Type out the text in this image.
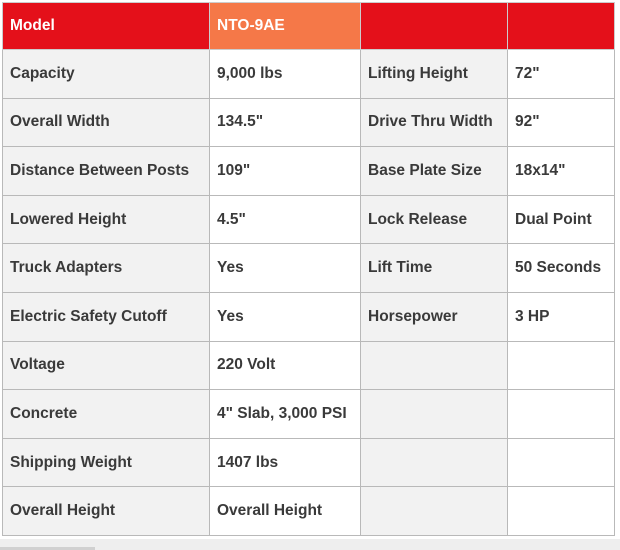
Model	NTO-9AE		
Capacity	9,000 lbs	Lifting Height	72"
Overall Width	134.5"	Drive Thru Width	92"
Distance Between Posts	109"	Base Plate Size	18x14"
Lowered Height	4.5"	Lock Release	Dual Point
Truck Adapters	Yes	Lift Time	50 Seconds
Electric Safety Cutoff	Yes	Horsepower	3 HP
Voltage	220 Volt		
Concrete	4" Slab, 3,000 PSI		
Shipping Weight	1407 lbs		
Overall Height	Overall Height		
